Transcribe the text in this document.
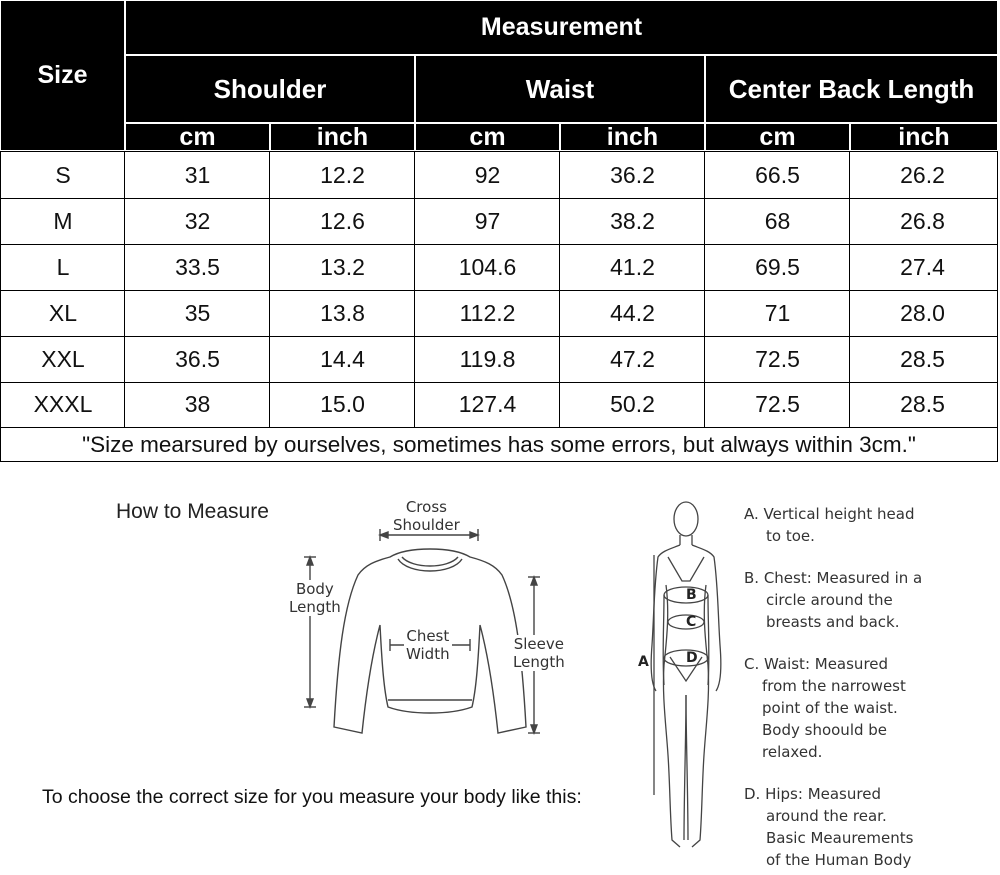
Size
Measurement
Shoulder	Waist	Center Back Length
cm	inch	cm	inch	cm	inch
S	31	12.2	92	36.2	66.5	26.2
M	32	12.6	97	38.2	68	26.8
L	33.5	13.2	104.6	41.2	69.5	27.4
XL	35	13.8	112.2	44.2	71	28.0
XXL	36.5	14.4	119.8	47.2	72.5	28.5
XXXL	38	15.0	127.4	50.2	72.5	28.5
"Size mearsured by ourselves, sometimes has some errors, but always within 3cm."
How to Measure	Cross
Shoulder
Body
Length
Chest
Width
Sleeve
Length
To choose the correct size for you measure your body like this:
A
B
C
D
A. Vertical height head
to toe.
B. Chest: Measured in a
circle around the
breasts and back.
C. Waist: Measured
from the narrowest
point of the waist.
Body shoould be
relaxed.
D. Hips: Measured
around the rear.
Basic Meaurements
of the Human Body
